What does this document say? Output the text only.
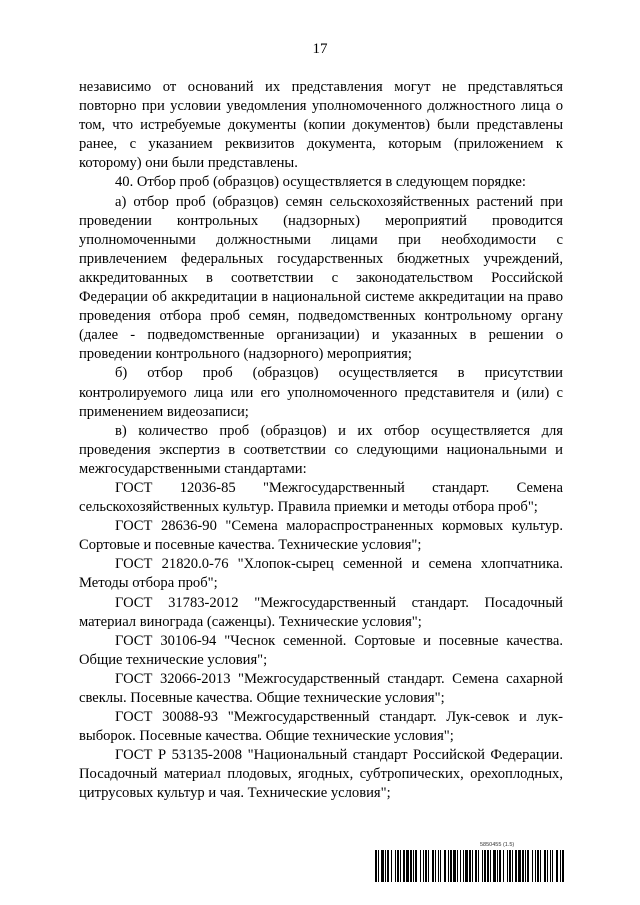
17

независимо от оснований их представления могут не представляться повторно при условии уведомления уполномоченного должностного лица о том, что истребуемые документы (копии документов) были представлены ранее, с указанием реквизитов документа, которым (приложением к которому) они были представлены.

40. Отбор проб (образцов) осуществляется в следующем порядке:

а) отбор проб (образцов) семян сельскохозяйственных растений при проведении контрольных (надзорных) мероприятий проводится уполномоченными должностными лицами при необходимости с привлечением федеральных государственных бюджетных учреждений, аккредитованных в соответствии с законодательством Российской Федерации об аккредитации в национальной системе аккредитации на право проведения отбора проб семян, подведомственных контрольному органу (далее - подведомственные организации) и указанных в решении о проведении контрольного (надзорного) мероприятия;

б) отбор проб (образцов) осуществляется в присутствии контролируемого лица или его уполномоченного представителя и (или) с применением видеозаписи;

в) количество проб (образцов) и их отбор осуществляется для проведения экспертиз в соответствии со следующими национальными и межгосударственными стандартами:

ГОСТ 12036-85 "Межгосударственный стандарт. Семена сельскохозяйственных культур. Правила приемки и методы отбора проб";

ГОСТ 28636-90 "Семена малораспространенных кормовых культур. Сортовые и посевные качества. Технические условия";

ГОСТ 21820.0-76 "Хлопок-сырец семенной и семена хлопчатника. Методы отбора проб";

ГОСТ 31783-2012 "Межгосударственный стандарт. Посадочный материал винограда (саженцы). Технические условия";

ГОСТ 30106-94 "Чеснок семенной. Сортовые и посевные качества. Общие технические условия";

ГОСТ 32066-2013 "Межгосударственный стандарт. Семена сахарной свеклы. Посевные качества. Общие технические условия";

ГОСТ 30088-93 "Межгосударственный стандарт. Лук-севок и лук-выборок. Посевные качества. Общие технические условия";

ГОСТ Р 53135-2008 "Национальный стандарт Российской Федерации. Посадочный материал плодовых, ягодных, субтропических, орехоплодных, цитрусовых культур и чая. Технические условия";

5850455 (1.5)
